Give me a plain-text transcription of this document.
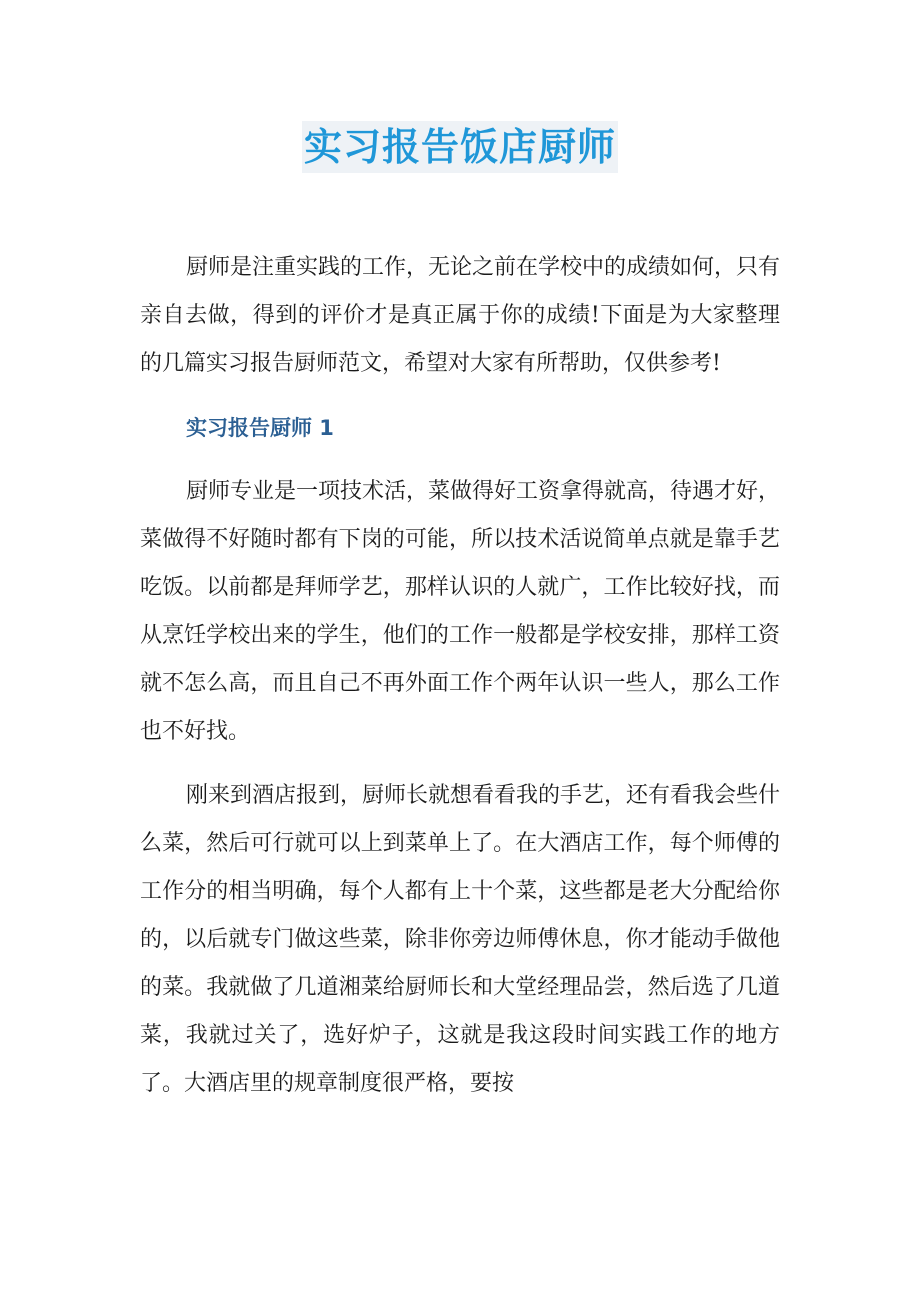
实习报告饭店厨师

厨师是注重实践的工作，无论之前在学校中的成绩如何，只有亲自去做，得到的评价才是真正属于你的成绩!下面是为大家整理的几篇实习报告厨师范文，希望对大家有所帮助，仅供参考!

实习报告厨师 1

厨师专业是一项技术活，菜做得好工资拿得就高，待遇才好，菜做得不好随时都有下岗的可能，所以技术活说简单点就是靠手艺吃饭。以前都是拜师学艺，那样认识的人就广，工作比较好找，而从烹饪学校出来的学生，他们的工作一般都是学校安排，那样工资就不怎么高，而且自己不再外面工作个两年认识一些人，那么工作也不好找。

刚来到酒店报到，厨师长就想看看我的手艺，还有看我会些什么菜，然后可行就可以上到菜单上了。在大酒店工作，每个师傅的工作分的相当明确，每个人都有上十个菜，这些都是老大分配给你的，以后就专门做这些菜，除非你旁边师傅休息，你才能动手做他的菜。我就做了几道湘菜给厨师长和大堂经理品尝，然后选了几道菜，我就过关了，选好炉子，这就是我这段时间实践工作的地方了。大酒店里的规章制度很严格，要按
